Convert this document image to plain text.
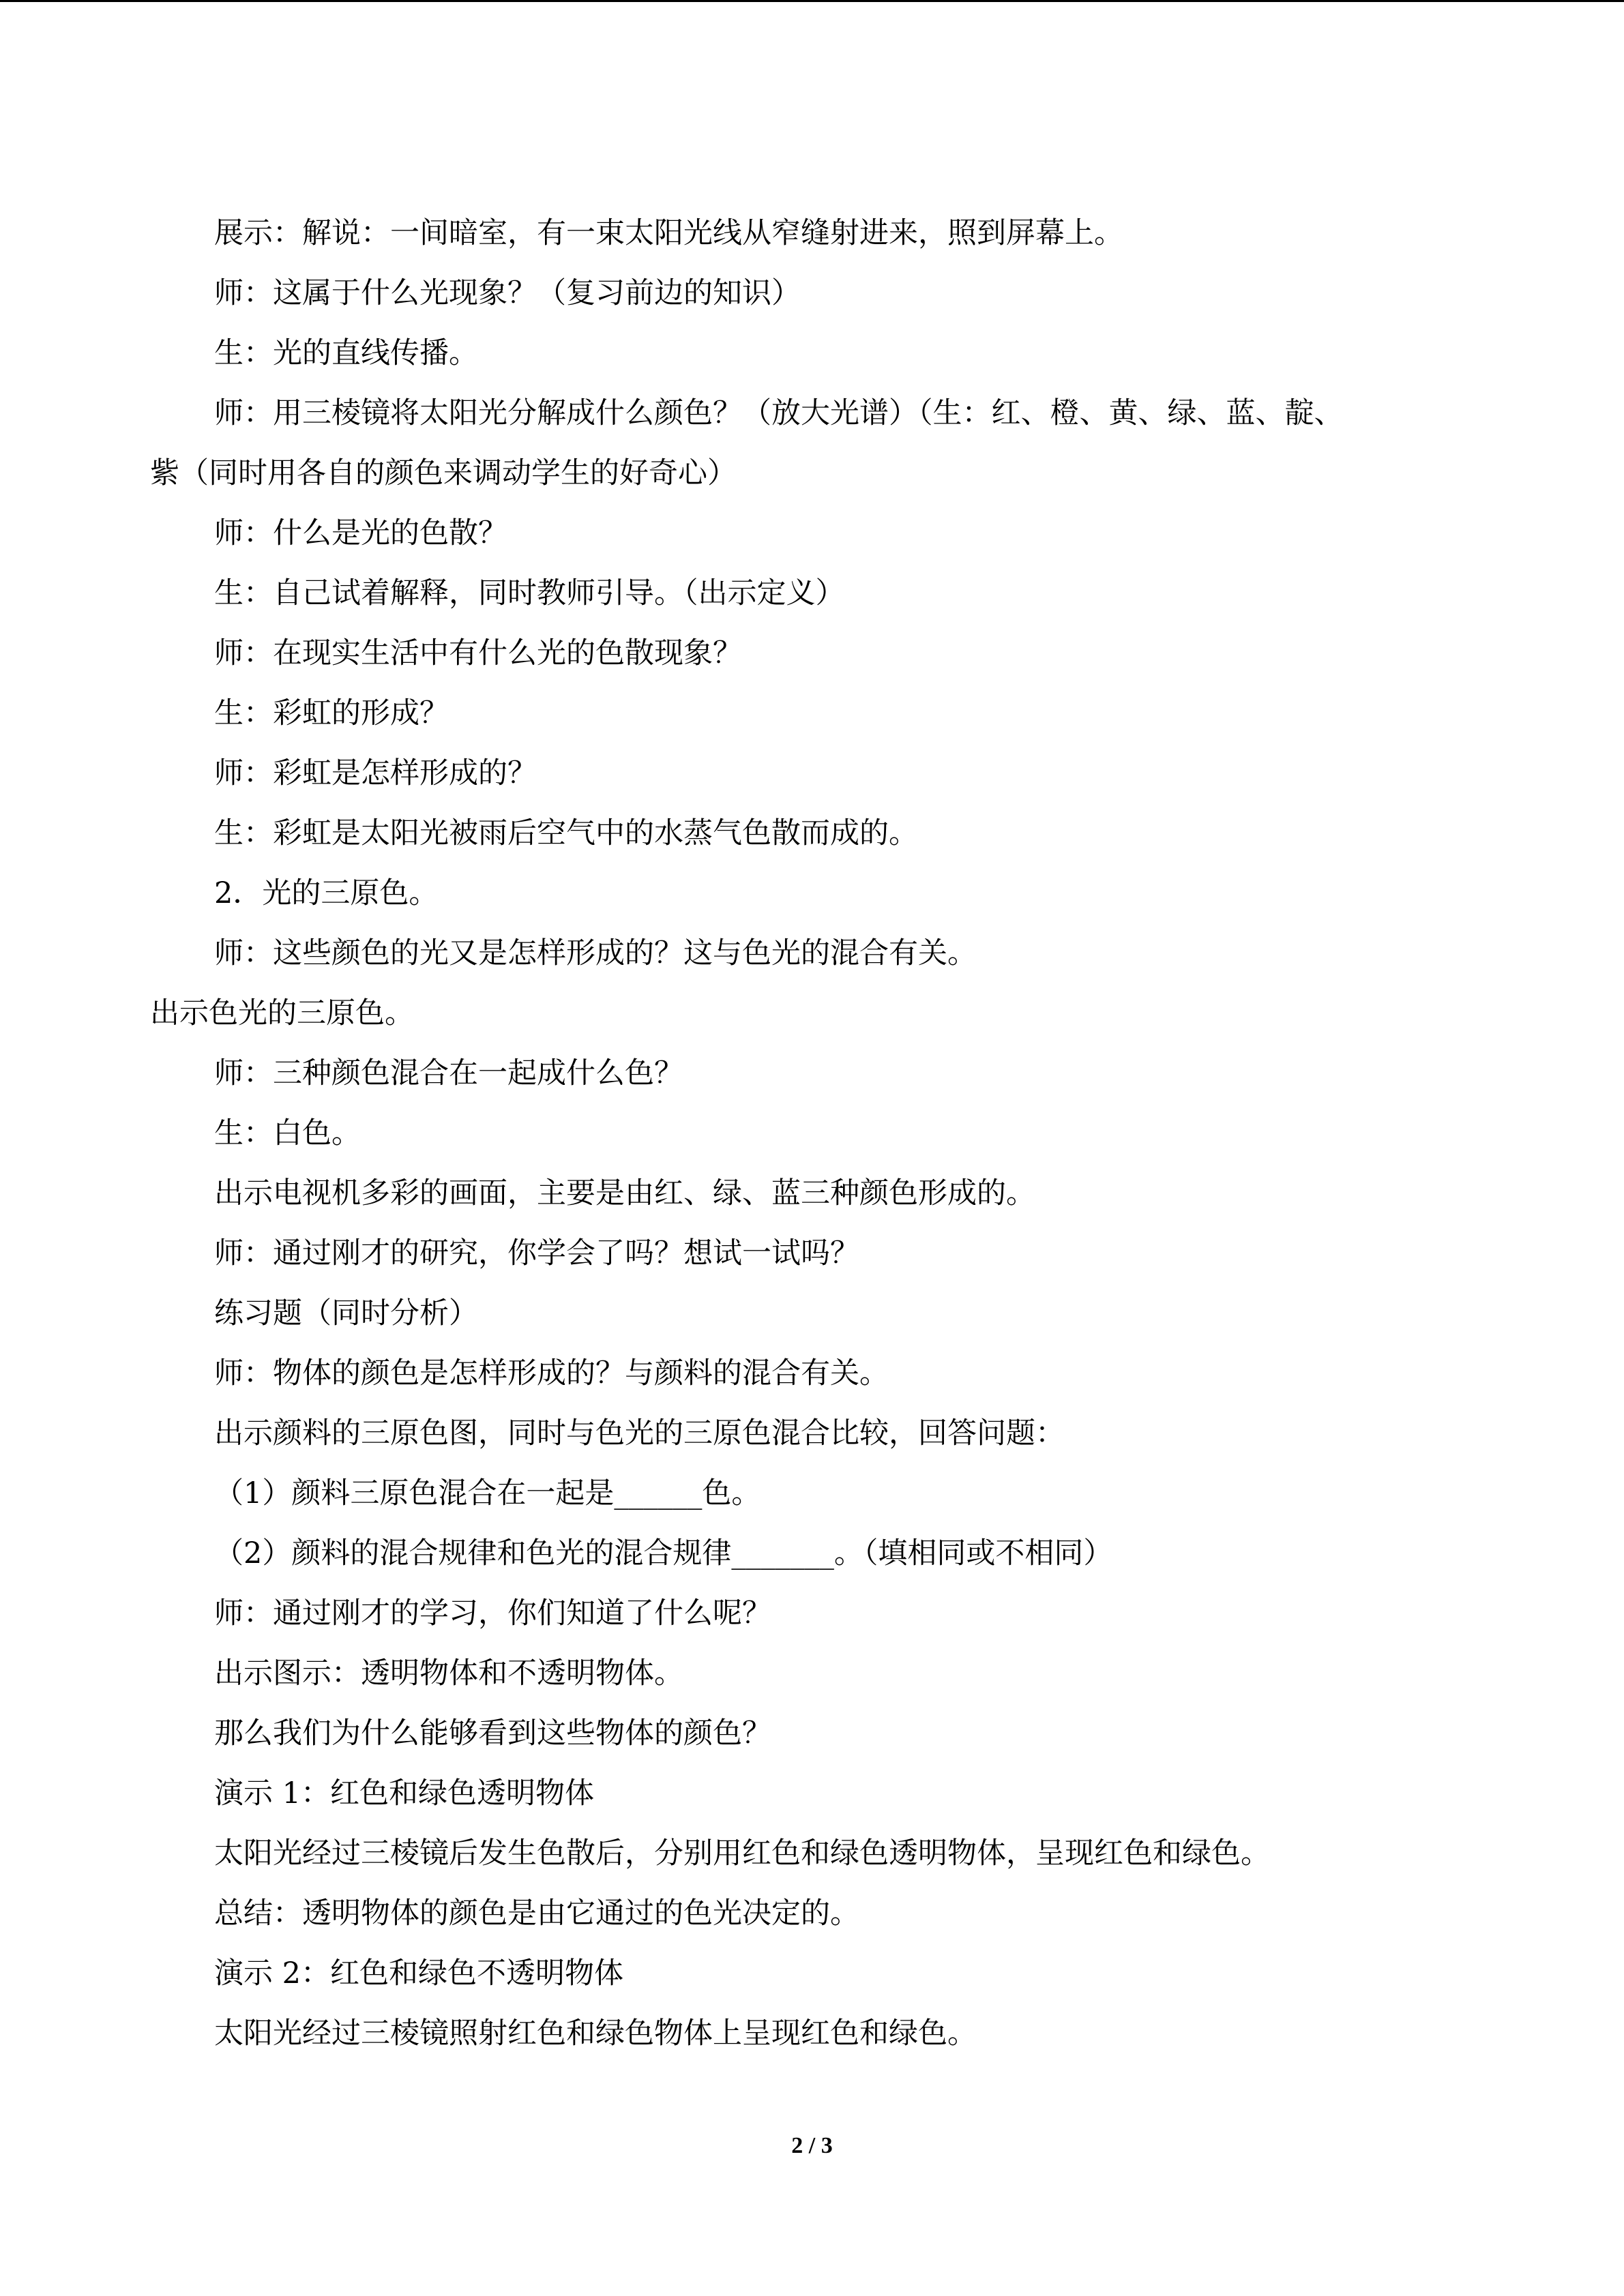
展示：解说：一间暗室，有一束太阳光线从窄缝射进来，照到屏幕上。
师：这属于什么光现象？（复习前边的知识）
生：光的直线传播。
师：用三棱镜将太阳光分解成什么颜色？（放大光谱）（生：红、橙、黄、绿、蓝、靛、
紫（同时用各自的颜色来调动学生的好奇心）
师：什么是光的色散？
生：自己试着解释，同时教师引导。（出示定义）
师：在现实生活中有什么光的色散现象？
生：彩虹的形成？
师：彩虹是怎样形成的？
生：彩虹是太阳光被雨后空气中的水蒸气色散而成的。
2．光的三原色。
师：这些颜色的光又是怎样形成的？这与色光的混合有关。
出示色光的三原色。
师：三种颜色混合在一起成什么色？
生：白色。
出示电视机多彩的画面，主要是由红、绿、蓝三种颜色形成的。
师：通过刚才的研究，你学会了吗？想试一试吗？
练习题（同时分析）
师：物体的颜色是怎样形成的？与颜料的混合有关。
出示颜料的三原色图，同时与色光的三原色混合比较，回答问题：
（1）颜料三原色混合在一起是______色。
（2）颜料的混合规律和色光的混合规律_______。（填相同或不相同）
师：通过刚才的学习，你们知道了什么呢？
出示图示：透明物体和不透明物体。
那么我们为什么能够看到这些物体的颜色？
演示 1：红色和绿色透明物体
太阳光经过三棱镜后发生色散后，分别用红色和绿色透明物体，呈现红色和绿色。
总结：透明物体的颜色是由它通过的色光决定的。
演示 2：红色和绿色不透明物体
太阳光经过三棱镜照射红色和绿色物体上呈现红色和绿色。
2 / 3
